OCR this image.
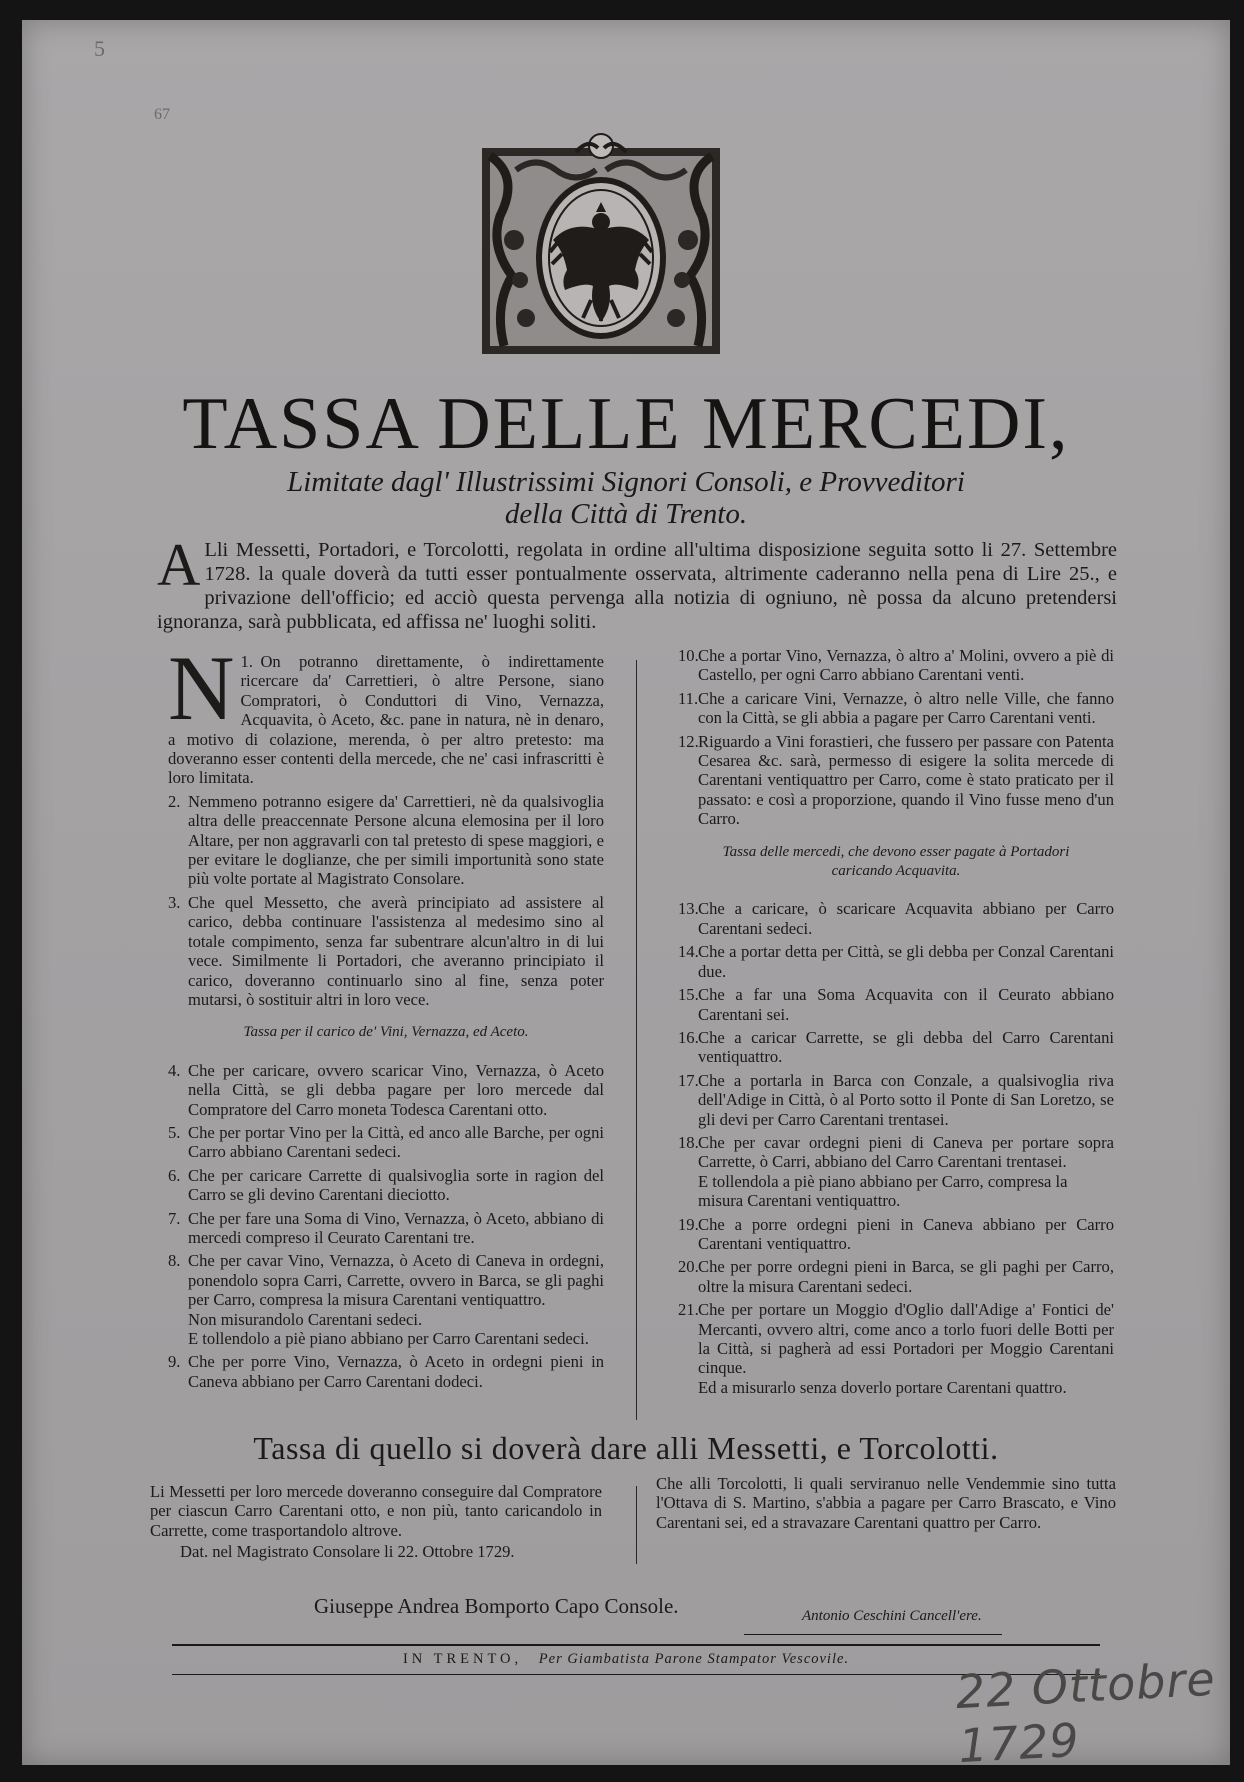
5
67
TASSA DELLE MERCEDI,
Limitate dagl' Illustrissimi Signori Consoli, e Provveditori
della Città di Trento.
A Lli Messetti, Portadori, e Torcolotti, regolata in ordine all'ultima disposizione seguita sotto li 27. Settembre 1728. la quale doverà da tutti esser pontualmente osservata, altrimente caderanno nella pena di Lire 25., e privazione dell'officio; ed acciò questa pervenga alla notizia di ogniuno, nè possa da alcuno pretendersi ignoranza, sarà pubblicata, ed affissa ne' luoghi soliti.
1.
N On potranno direttamente, ò indirettamente ricercare da' Carrettieri, ò altre Persone, siano Compratori, ò Conduttori di Vino, Vernazza, Acquavita, ò Aceto, &c. pane in natura, nè in denaro, a motivo di colazione, merenda, ò per altro pretesto: ma doveranno esser contenti della mercede, che ne' casi infrascritti è loro limitata.
2. Nemmeno potranno esigere da' Carrettieri, nè da qualsivoglia altra delle preaccennate Persone alcuna elemosina per il loro Altare, per non aggravarli con tal pretesto di spese maggiori, e per evitare le doglianze, che per simili importunità sono state più volte portate al Magistrato Consolare.
3. Che quel Messetto, che averà principiato ad assistere al carico, debba continuare l'assistenza al medesimo sino al totale compimento, senza far subentrare alcun'altro in di lui vece. Similmente li Portadori, che averanno principiato il carico, doveranno continuarlo sino al fine, senza poter mutarsi, ò sostituir altri in loro vece.
Tassa per il carico de' Vini, Vernazza, ed Aceto.
4. Che per caricare, ovvero scaricar Vino, Vernazza, ò Aceto nella Città, se gli debba pagare per loro mercede dal Compratore del Carro moneta Todesca Carentani otto.
5. Che per portar Vino per la Città, ed anco alle Barche, per ogni Carro abbiano Carentani sedeci.
6. Che per caricare Carrette di qualsivoglia sorte in ragion del Carro se gli devino Carentani dieciotto.
7. Che per fare una Soma di Vino, Vernazza, ò Aceto, abbiano di mercedi compreso il Ceurato Carentani tre.
8. Che per cavar Vino, Vernazza, ò Aceto di Caneva in ordegni, ponendolo sopra Carri, Carrette, ovvero in Barca, se gli paghi per Carro, compresa la misura Carentani ventiquattro.

Non misurandolo Carentani sedeci.

E tollendolo a piè piano abbiano per Carro Carentani sedeci.

9. Che per porre Vino, Vernazza, ò Aceto in ordegni pieni in Caneva abbiano per Carro Carentani dodeci.
10.Che a portar Vino, Vernazza, ò altro a' Molini, ovvero a piè di Castello, per ogni Carro abbiano Carentani venti.
11.Che a caricare Vini, Vernazze, ò altro nelle Ville, che fanno con la Città, se gli abbia a pagare per Carro Carentani venti.
12.Riguardo a Vini forastieri, che fussero per passare con Patenta Cesarea &c. sarà, permesso di esigere la solita mercede di Carentani ventiquattro per Carro, come è stato praticato per il passato: e così a proporzione, quando il Vino fusse meno d'un Carro.
Tassa delle mercedi, che devono esser pagate à Portadori caricando Acquavita.
13.Che a caricare, ò scaricare Acquavita abbiano per Carro Carentani sedeci.
14.Che a portar detta per Città, se gli debba per Conzal Carentani due.
15.Che a far una Soma Acquavita con il Ceurato abbiano Carentani sei.
16.Che a caricar Carrette, se gli debba del Carro Carentani ventiquattro.
17.Che a portarla in Barca con Conzale, a qualsivoglia riva dell'Adige in Città, ò al Porto sotto il Ponte di San Loretzo, se gli devi per Carro Carentani trentasei.
18.Che per cavar ordegni pieni di Caneva per portare sopra Carrette, ò Carri, abbiano del Carro Carentani trentasei.

E tollendola a piè piano abbiano per Carro, compresa la misura Carentani ventiquattro.

19.Che a porre ordegni pieni in Caneva abbiano per Carro Carentani ventiquattro.
20.Che per porre ordegni pieni in Barca, se gli paghi per Carro, oltre la misura Carentani sedeci.
21.Che per portare un Moggio d'Oglio dall'Adige a' Fontici de' Mercanti, ovvero altri, come anco a torlo fuori delle Botti per la Città, si pagherà ad essi Portadori per Moggio Carentani cinque.

Ed a misurarlo senza doverlo portare Carentani quattro.

Tassa di quello si doverà dare alli Messetti, e Torcolotti.
Li Messetti per loro mercede doveranno conseguire dal Compratore per ciascun Carro Carentani otto, e non più, tanto caricandolo in Carrette, come trasportandolo altrove.
Dat. nel Magistrato Consolare li 22. Ottobre 1729.
Che alli Torcolotti, li quali serviranuo nelle Vendemmie sino tutta l'Ottava di S. Martino, s'abbia a pagare per Carro Brascato, e Vino Carentani sei, ed a stravazare Carentani quattro per Carro.
Giuseppe Andrea Bomporto Capo Console.	Antonio Ceschini Cancell'ere.
IN TRENTO, Per Giambatista Parone Stampator Vescovile.	22 Ottobre 1729
